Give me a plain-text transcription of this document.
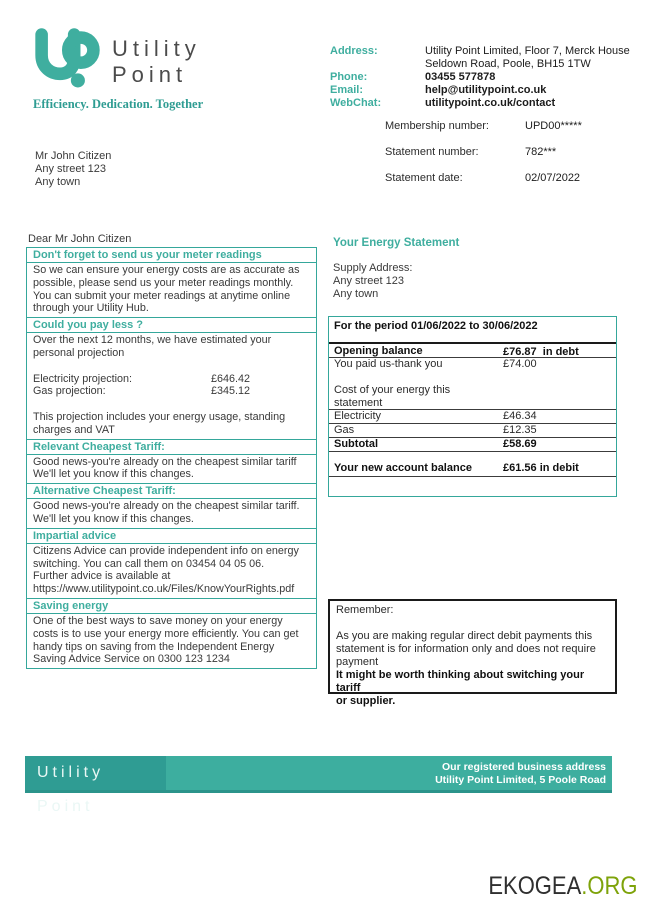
Utility
Point
Efficiency. Dedication. Together
Mr John Citizen
Any street 123
Any town
Address:	Utility Point Limited, Floor 7, Merck House
Seldown Road, Poole, BH15 1TW
Phone:	03455 577878
Email:	help@utilitypoint.co.uk
WebChat:	utilitypoint.co.uk/contact
Membership number:	UPD00*****
Statement number:	782***
Statement date:	02/07/2022
Dear Mr John Citizen
Don't forget to send us your meter readings
So we can ensure your energy costs are as accurate as
possible, please send us your meter readings monthly.
You can submit your meter readings at anytime online
through your Utility Hub.
Could you pay less ?
Over the next 12 months, we have estimated your
personal projection
Electricity projection:	£646.42
Gas projection:	£345.12
This projection includes your energy usage, standing
charges and VAT
Relevant Cheapest Tariff:
Good news-you're already on the cheapest similar tariff
We'll let you know if this changes.
Alternative Cheapest Tariff:
Good news-you're already on the cheapest similar tariff.
We'll let you know if this changes.
Impartial advice
Citizens Advice can provide independent info on energy
switching. You can call them on 03454 04 05 06.
Further advice is available at
https://www.utilitypoint.co.uk/Files/KnowYourRights.pdf
Saving energy
One of the best ways to save money on your energy
costs is to use your energy more efficiently. You can get
handy tips on saving from the Independent Energy
Saving Advice Service on 0300 123 1234
Your Energy Statement
Supply Address:
Any street 123
Any town
For the period 01/06/2022 to 30/06/2022
Opening balance	£76.87  in debt
You paid us-thank you	£74.00
Cost of your energy this statement
Electricity	£46.34
Gas	£12.35
Subtotal	£58.69
Your new account balance	£61.56 in debit
Remember:
As you are making regular direct debit payments this
statement is for information only and does not require
payment
It might be worth thinking about switching your tariff
or supplier.
Utility Point
Our registered business address
Utility Point Limited, 5 Poole Road
EKOGEA.ORG
